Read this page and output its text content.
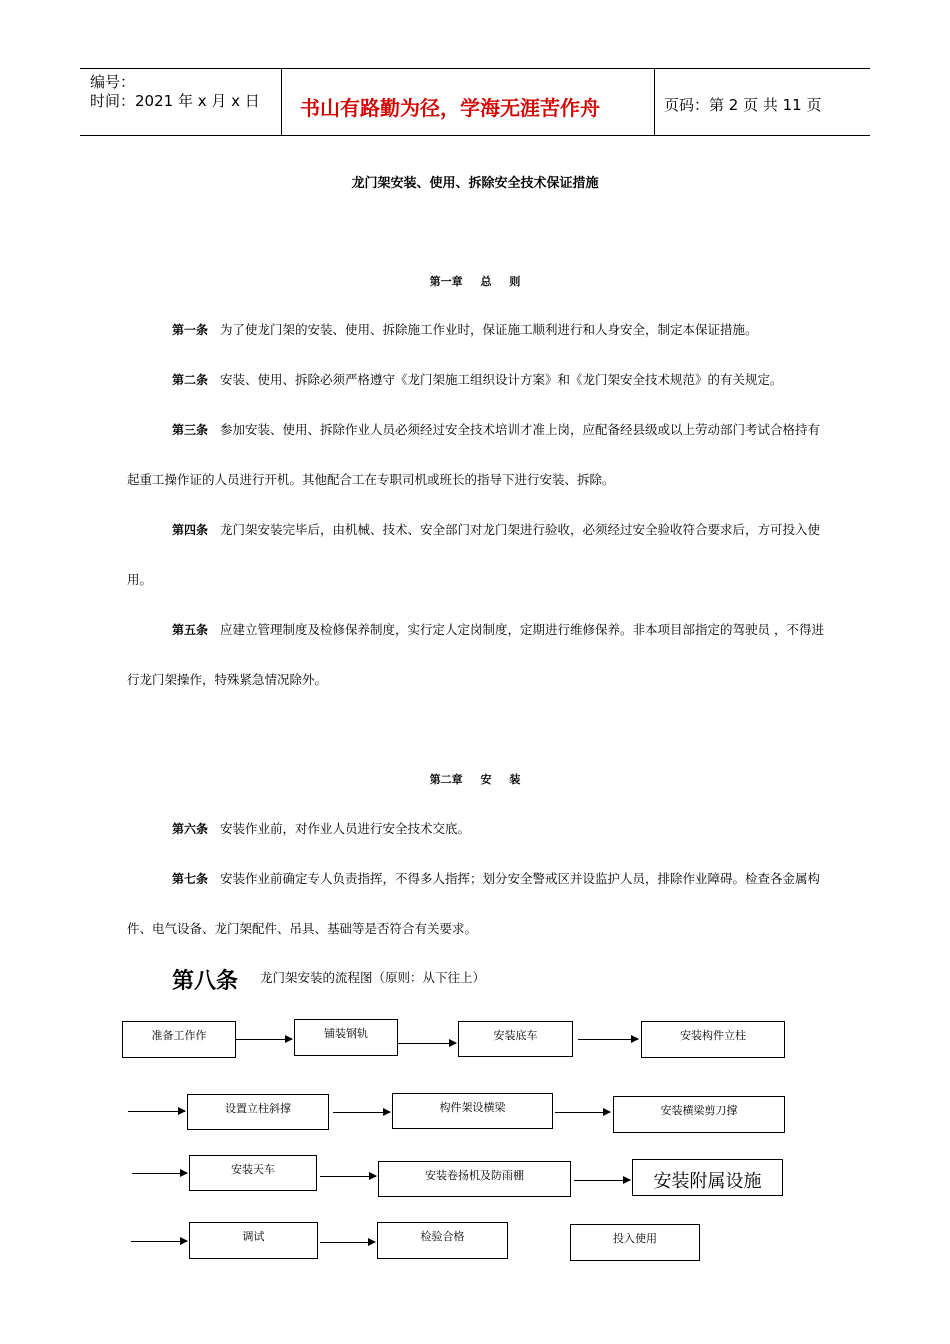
编号：
时间：2021 年 x 月 x 日 书山有路勤为径，学海无涯苦作舟	页码：第 2 页 共 11 页
龙门架安装、使用、拆除安全技术保证措施
第一章 总 则
第一条 为了使龙门架的安装、使用、拆除施工作业时，保证施工顺利进行和人身安全，制定本保证措施。
第二条 安装、使用、拆除必须严格遵守《龙门架施工组织设计方案》和《龙门架安全技术规范》的有关规定。
第三条 参加安装、使用、拆除作业人员必须经过安全技术培训才准上岗，应配备经县级或以上劳动部门考试合格持有起重工操作证的人员进行开机。其他配合工在专职司机或班长的指导下进行安装、拆除。
第四条 龙门架安装完毕后，由机械、技术、安全部门对龙门架进行验收，必须经过安全验收符合要求后，方可投入使用。
第五条 应建立管理制度及检修保养制度，实行定人定岗制度，定期进行维修保养。非本项目部指定的驾驶员 ，不得进行龙门架操作，特殊紧急情况除外。
第二章 安 装
第六条 安装作业前，对作业人员进行安全技术交底。
第七条 安装作业前确定专人负责指挥，不得多人指挥；划分安全警戒区并设监护人员，排除作业障碍。检查各金属构件、电气设备、龙门架配件、吊具、基础等是否符合有关要求。
第八条 龙门架安装的流程图（原则：从下往上）
准备工作作	铺装钢轨	安装底车	安装构件立柱
设置立柱斜撑	构件架设横梁	安装横梁剪刀撑
安装天车	安装卷扬机及防雨棚	安装附属设施
调试	检验合格	投入使用
